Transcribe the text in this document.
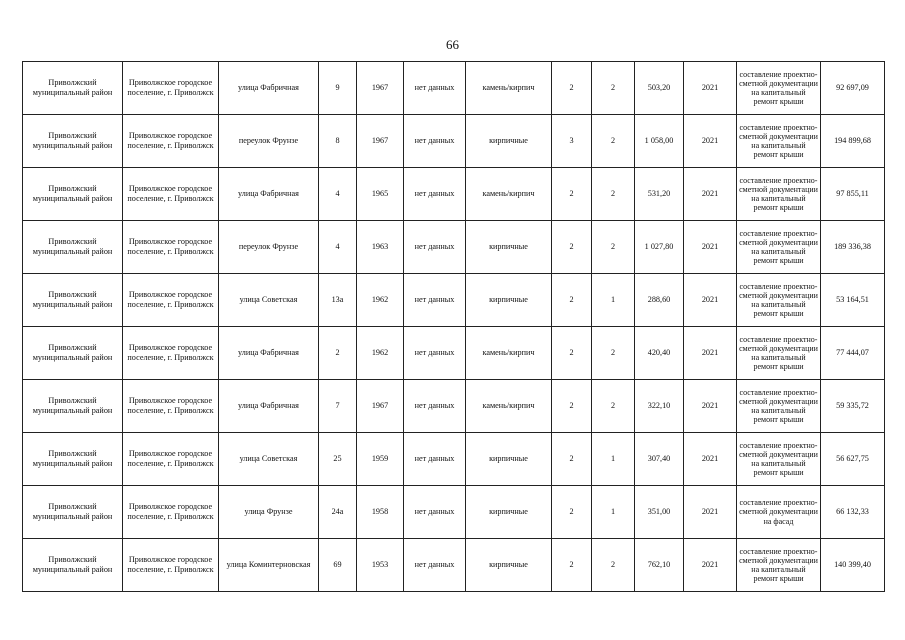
66
Приволжский муниципальный район	Приволжское городское поселение, г. Приволжск	улица Фабричная	9	1967	нет данных	камень/кирпич	2	2	503,20	2021	составление проектно-сметной документации на капитальный ремонт крыши	92 697,09
Приволжский муниципальный район	Приволжское городское поселение, г. Приволжск	переулок Фрунзе	8	1967	нет данных	кирпичные	3	2	1 058,00	2021	составление проектно-сметной документации на капитальный ремонт крыши	194 899,68
Приволжский муниципальный район	Приволжское городское поселение, г. Приволжск	улица Фабричная	4	1965	нет данных	камень/кирпич	2	2	531,20	2021	составление проектно-сметной документации на капитальный ремонт крыши	97 855,11
Приволжский муниципальный район	Приволжское городское поселение, г. Приволжск	переулок Фрунзе	4	1963	нет данных	кирпичные	2	2	1 027,80	2021	составление проектно-сметной документации на капитальный ремонт крыши	189 336,38
Приволжский муниципальный район	Приволжское городское поселение, г. Приволжск	улица Советская	13а	1962	нет данных	кирпичные	2	1	288,60	2021	составление проектно-сметной документации на капитальный ремонт крыши	53 164,51
Приволжский муниципальный район	Приволжское городское поселение, г. Приволжск	улица Фабричная	2	1962	нет данных	камень/кирпич	2	2	420,40	2021	составление проектно-сметной документации на капитальный ремонт крыши	77 444,07
Приволжский муниципальный район	Приволжское городское поселение, г. Приволжск	улица Фабричная	7	1967	нет данных	камень/кирпич	2	2	322,10	2021	составление проектно-сметной документации на капитальный ремонт крыши	59 335,72
Приволжский муниципальный район	Приволжское городское поселение, г. Приволжск	улица Советская	25	1959	нет данных	кирпичные	2	1	307,40	2021	составление проектно-сметной документации на капитальный ремонт крыши	56 627,75
Приволжский муниципальный район	Приволжское городское поселение, г. Приволжск	улица Фрунзе	24а	1958	нет данных	кирпичные	2	1	351,00	2021	составление проектно-сметной документации на фасад	66 132,33
Приволжский муниципальный район	Приволжское городское поселение, г. Приволжск	улица Коминтерновская	69	1953	нет данных	кирпичные	2	2	762,10	2021	составление проектно-сметной документации на капитальный ремонт крыши	140 399,40
